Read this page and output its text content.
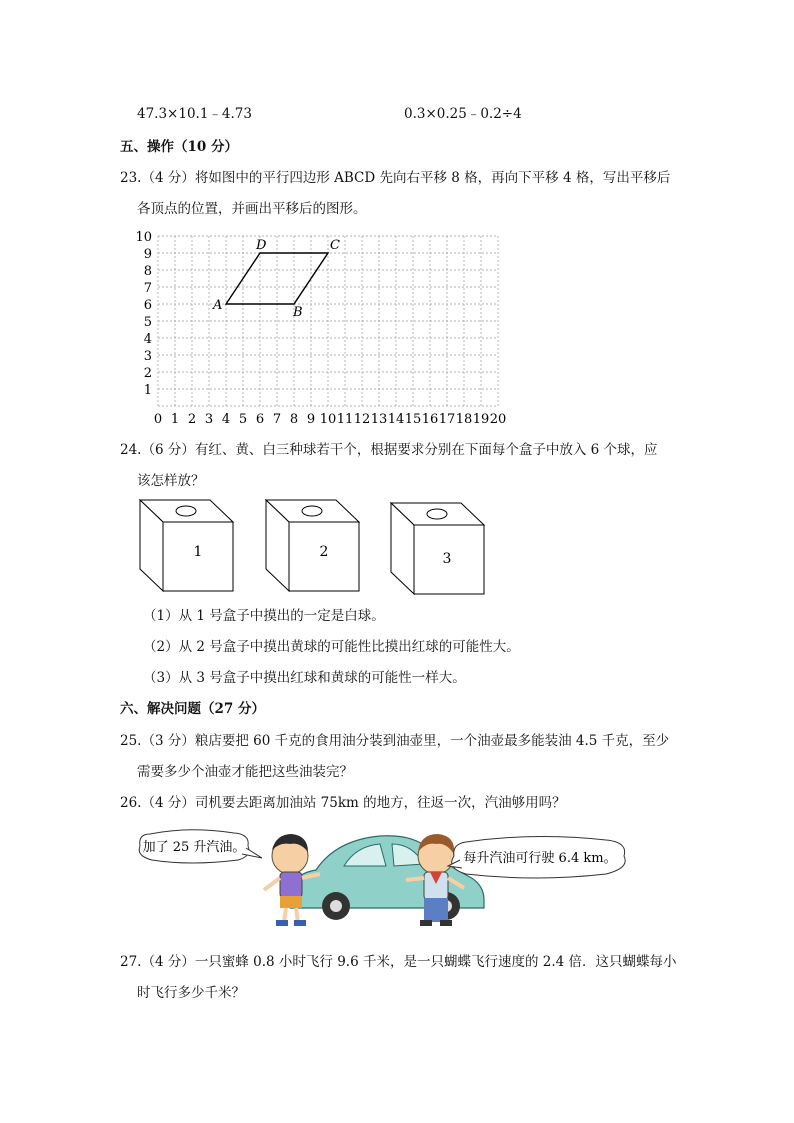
47.3×10.1﹣4.73	0.3×0.25﹣0.2÷4
五、操作（10 分）
23.（4 分）将如图中的平行四边形 ABCD 先向右平移 8 格，再向下平移 4 格，写出平移后
各顶点的位置，并画出平移后的图形。
1
2
3
4
5
6
7
8
9
10
0 1 2 3 4 5 6 7 8 9 10 11 12 13 14 15 16 17 18 19 20
A	B
C
D
24.（6 分）有红、黄、白三种球若干个，根据要求分别在下面每个盒子中放入 6 个球，应
该怎样放？
1	2	3
（1）从 1 号盒子中摸出的一定是白球。
（2）从 2 号盒子中摸出黄球的可能性比摸出红球的可能性大。
（3）从 3 号盒子中摸出红球和黄球的可能性一样大。
六、解决问题（27 分）
25.（3 分）粮店要把 60 千克的食用油分装到油壶里，一个油壶最多能装油 4.5 千克，至少
需要多少个油壶才能把这些油装完？
26.（4 分）司机要去距离加油站 75km 的地方，往返一次，汽油够用吗？
加了 25 升汽油。
每升汽油可行驶 6.4 km。
27.（4 分）一只蜜蜂 0.8 小时飞行 9.6 千米，是一只蝴蝶飞行速度的 2.4 倍．这只蝴蝶每小
时飞行多少千米？
